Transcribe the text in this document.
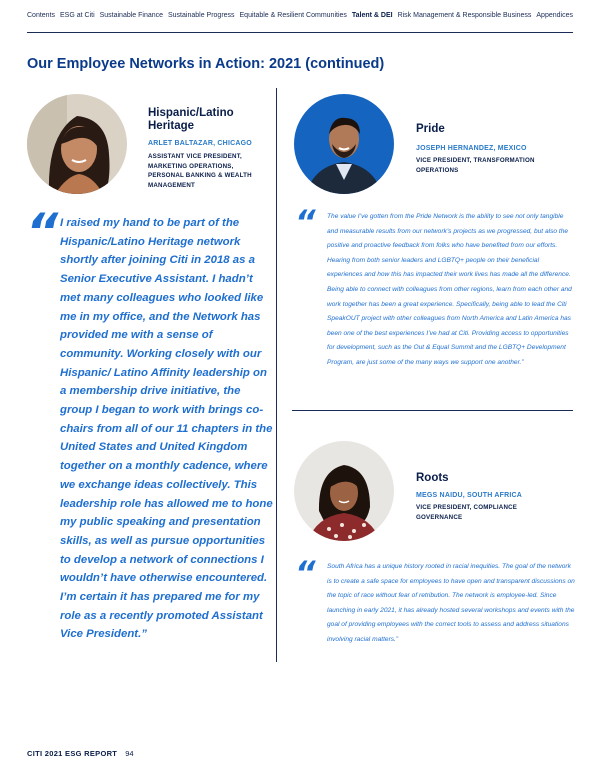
Contents ESG at Citi Sustainable Finance Sustainable Progress Equitable & Resilient Communities Talent & DEI Risk Management & Responsible Business Appendices
Our Employee Networks in Action: 2021 (continued)
Hispanic/Latino
Heritage
ARLET BALTAZAR, CHICAGO
ASSISTANT VICE PRESIDENT,
MARKETING OPERATIONS,
PERSONAL BANKING & WEALTH
MANAGEMENT
“ I raised my hand to be part of the Hispanic/Latino Heritage network shortly after joining Citi in 2018 as a Senior Executive Assistant. I hadn’t met many colleagues who looked like me in my office, and the Network has provided me with a sense of community. Working closely with our Hispanic/ Latino Affinity leadership on a membership drive initiative, the group I began to work with brings co-chairs from all of our 11 chapters in the United States and United Kingdom together on a monthly cadence, where we exchange ideas collectively. This leadership role has allowed me to hone my public speaking and presentation skills, as well as pursue opportunities to develop a network of connections I wouldn’t have otherwise encountered. I’m certain it has prepared me for my role as a recently promoted Assistant Vice President.”
Pride
JOSEPH HERNANDEZ, MEXICO
VICE PRESIDENT, TRANSFORMATION
OPERATIONS
“ The value I’ve gotten from the Pride Network is the ability to see not only tangible and measurable results from our network’s projects as we progressed, but also the positive and proactive feedback from folks who have benefited from our efforts. Hearing from both senior leaders and LGBTQ+ people on their beneficial experiences and how this has impacted their work lives has made all the difference. Being able to connect with colleagues from other regions, learn from each other and work together has been a great experience. Specifically, being able to lead the Citi SpeakOUT project with other colleagues from North America and Latin America has been one of the best experiences I’ve had at Citi. Providing access to opportunities for development, such as the Out & Equal Summit and the LGBTQ+ Development Program, are just some of the many ways we support one another.”
Roots
MEGS NAIDU, SOUTH AFRICA
VICE PRESIDENT, COMPLIANCE
GOVERNANCE
“ South Africa has a unique history rooted in racial inequities. The goal of the network is to create a safe space for employees to have open and transparent discussions on the topic of race without fear of retribution. The network is employee-led. Since launching in early 2021, it has already hosted several workshops and events with the goal of providing employees with the correct tools to assess and address situations involving racial matters.”
CITI 2021 ESG REPORT 94
